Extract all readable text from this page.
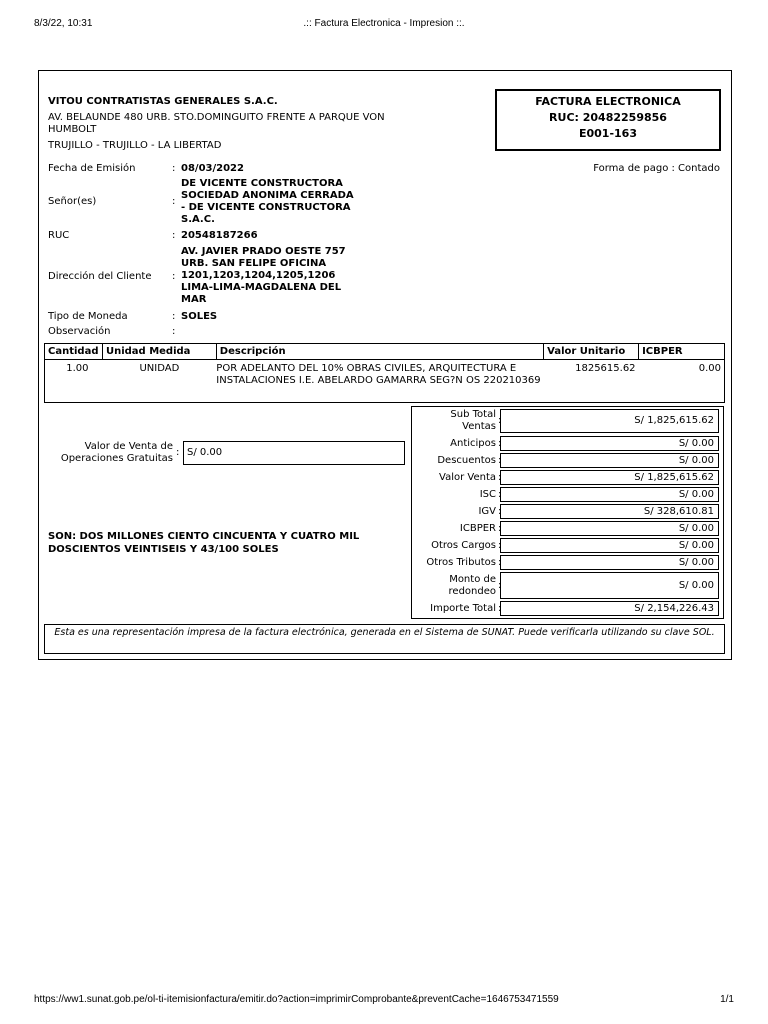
8/3/22, 10:31	.:: Factura Electronica - Impresion ::.
https://ww1.sunat.gob.pe/ol-ti-itemisionfactura/emitir.do?action=imprimirComprobante&preventCache=1646753471559	1/1
VITOU CONTRATISTAS GENERALES S.A.C.
AV. BELAUNDE 480 URB. STO.DOMINGUITO FRENTE A PARQUE VON
HUMBOLT
TRUJILLO - TRUJILLO - LA LIBERTAD
FACTURA ELECTRONICA
RUC: 20482259856
E001-163
Fecha de Emisión	: 08/03/2022	Forma de pago : Contado
Señor(es)	:
DE VICENTE CONSTRUCTORA
SOCIEDAD ANONIMA CERRADA
- DE VICENTE CONSTRUCTORA
S.A.C.
RUC	: 20548187266
Dirección del Cliente :
AV. JAVIER PRADO OESTE 757
URB. SAN FELIPE OFICINA
1201,1203,1204,1205,1206
LIMA-LIMA-MAGDALENA DEL
MAR
Tipo de Moneda	: SOLES
Observación	:
Cantidad	Unidad Medida	Descripción	Valor Unitario	ICBPER
1.00	UNIDAD	POR ADELANTO DEL 10% OBRAS CIVILES, ARQUITECTURA E INSTALACIONES I.E. ABELARDO GAMARRA SEG?N OS 220210369	1825615.62	0.00
Valor de Venta de
Operaciones Gratuitas
: S/ 0.00
SON: DOS MILLONES CIENTO CINCUENTA Y CUATRO MIL
DOSCIENTOS VEINTISEIS Y 43/100 SOLES
Sub Total
Ventas
:	S/ 1,825,615.62
Anticipos :	S/ 0.00
Descuentos :	S/ 0.00
Valor Venta :	S/ 1,825,615.62
ISC :	S/ 0.00
IGV :	S/ 328,610.81
ICBPER :	S/ 0.00
Otros Cargos :	S/ 0.00
Otros Tributos :	S/ 0.00
Monto de
redondeo
:	S/ 0.00
Importe Total :	S/ 2,154,226.43
Esta es una representación impresa de la factura electrónica, generada en el Sistema de SUNAT. Puede verificarla utilizando su clave SOL.
